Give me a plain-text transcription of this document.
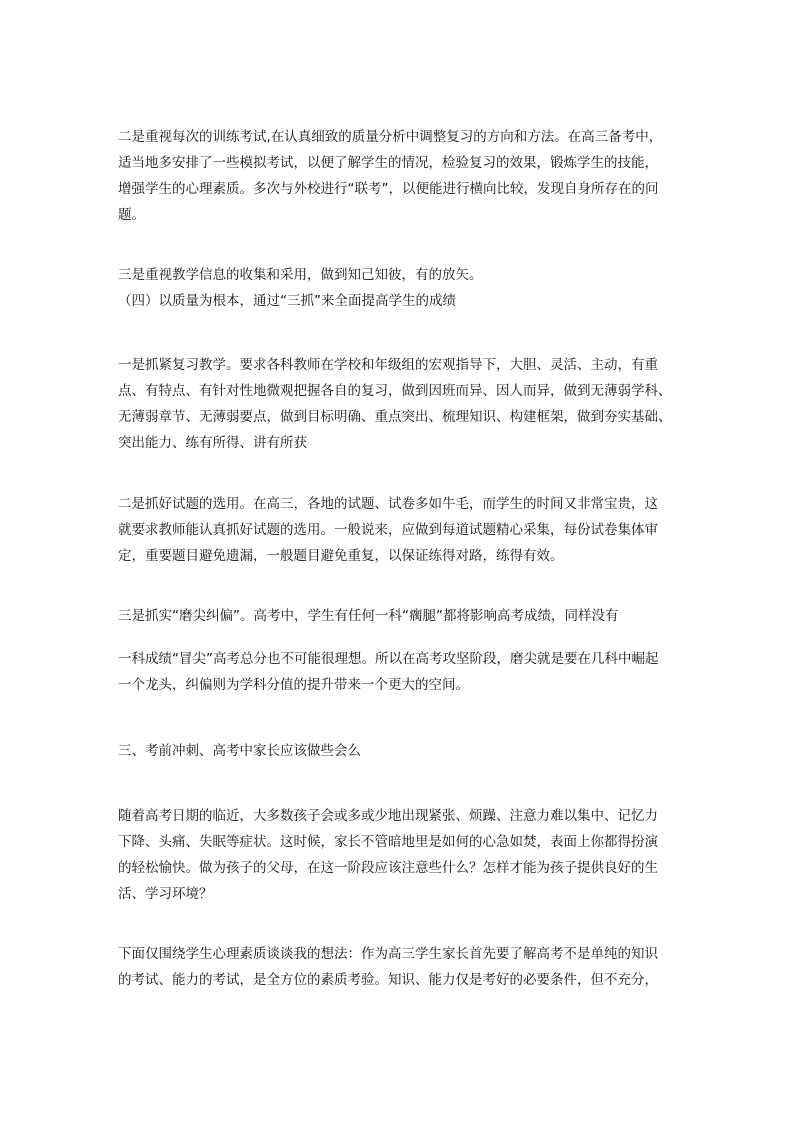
二是重视每次的训练考试,在认真细致的质量分析中调整复习的方向和方法。在高三备考中，
适当地多安排了一些模拟考试，以便了解学生的情况，检验复习的效果，锻炼学生的技能，
增强学生的心理素质。多次与外校进行“联考”，以便能进行横向比较，发现自身所存在的问
题。
三是重视教学信息的收集和采用，做到知己知彼，有的放矢。
（四）以质量为根本，通过“三抓”来全面提高学生的成绩
一是抓紧复习教学。要求各科教师在学校和年级组的宏观指导下，大胆、灵活、主动，有重
点、有特点、有针对性地微观把握各自的复习，做到因班而异、因人而异，做到无薄弱学科、
无薄弱章节、无薄弱要点，做到目标明确、重点突出、梳理知识、构建框架，做到夯实基础、
突出能力、练有所得、讲有所获
二是抓好试题的选用。在高三，各地的试题、试卷多如牛毛，而学生的时间又非常宝贵，这
就要求教师能认真抓好试题的选用。一般说来，应做到每道试题精心采集，每份试卷集体审
定，重要题目避免遗漏，一般题目避免重复，以保证练得对路，练得有效。
三是抓实“磨尖纠偏”。高考中，学生有任何一科“瘸腿”都将影响高考成绩，同样没有
一科成绩“冒尖”高考总分也不可能很理想。所以在高考攻坚阶段，磨尖就是要在几科中崛起
一个龙头，纠偏则为学科分值的提升带来一个更大的空间。
三、考前冲刺、高考中家长应该做些会么
随着高考日期的临近，大多数孩子会或多或少地出现紧张、烦躁、注意力难以集中、记忆力
下降、头痛、失眠等症状。这时候，家长不管暗地里是如何的心急如焚，表面上你都得扮演
的轻松愉快。做为孩子的父母，在这一阶段应该注意些什么？怎样才能为孩子提供良好的生
活、学习环境？
下面仅围绕学生心理素质谈谈我的想法：作为高三学生家长首先要了解高考不是单纯的知识
的考试、能力的考试，是全方位的素质考验。知识、能力仅是考好的必要条件，但不充分，
